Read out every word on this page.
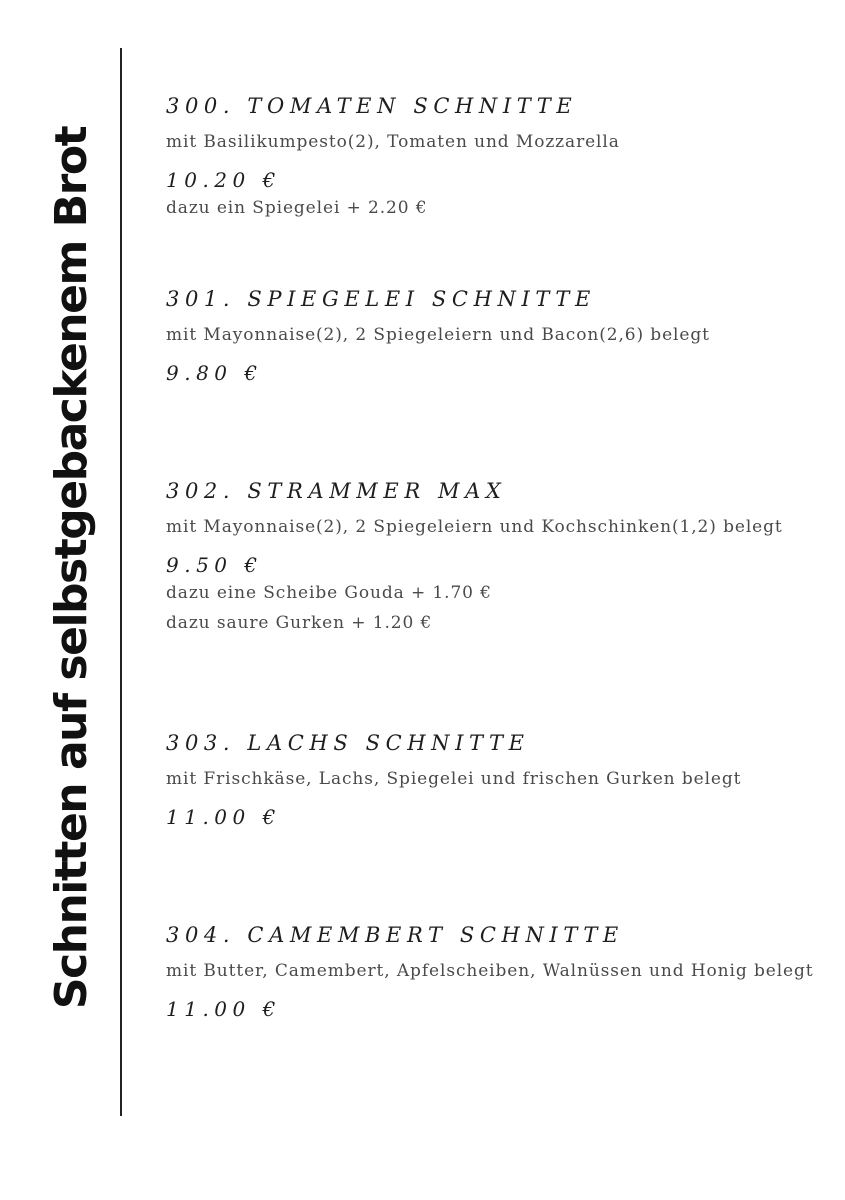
Schnitten auf selbstgebackenem Brot
300. TOMATEN SCHNITTE
mit Basilikumpesto(2), Tomaten und Mozzarella
10.20 €
dazu ein Spiegelei + 2.20 €
301. SPIEGELEI SCHNITTE
mit Mayonnaise(2), 2 Spiegeleiern und Bacon(2,6) belegt
9.80 €
302. STRAMMER MAX
mit Mayonnaise(2), 2 Spiegeleiern und Kochschinken(1,2) belegt
9.50 €
dazu eine Scheibe Gouda + 1.70 €
dazu saure Gurken + 1.20 €
303. LACHS SCHNITTE
mit Frischkäse, Lachs, Spiegelei und frischen Gurken belegt
11.00 €
304. CAMEMBERT SCHNITTE
mit Butter, Camembert, Apfelscheiben, Walnüssen und Honig belegt
11.00 €
